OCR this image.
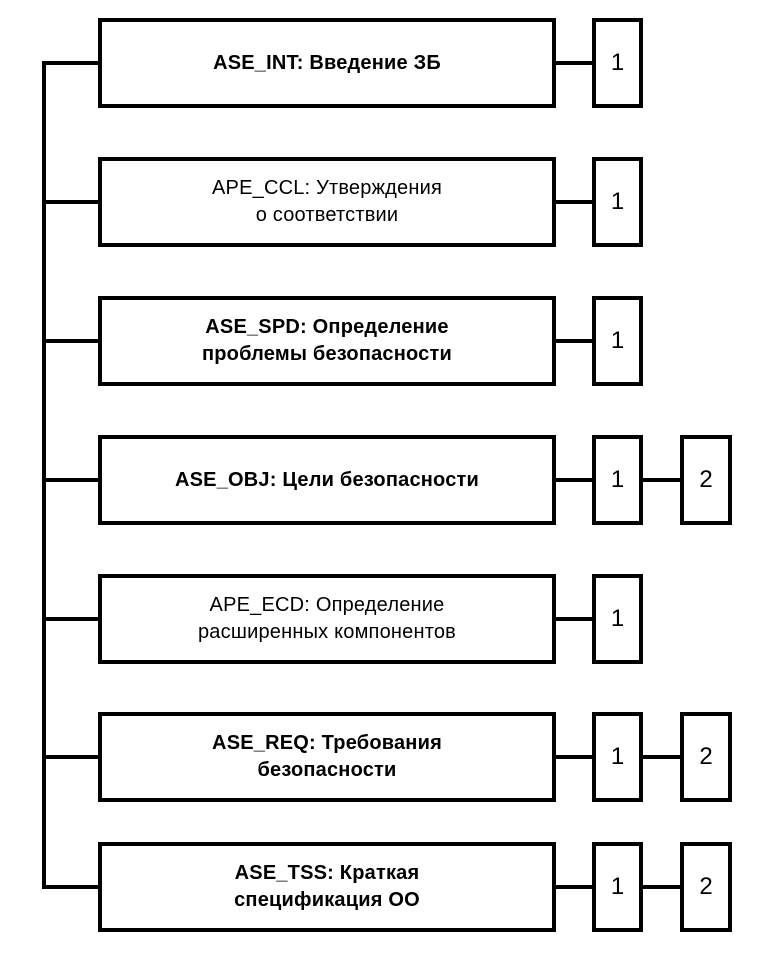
ASE_INT: Введение ЗБ	1
APE_CCL: Утверждения
о соответствии	1
ASE_SPD: Определение
проблемы безопасности	1
ASE_OBJ: Цели безопасности	1	2
APE_ECD: Определение
расширенных компонентов	1
ASE_REQ: Требования
безопасности	1	2
ASE_TSS: Краткая
спецификация ОО	1	2
